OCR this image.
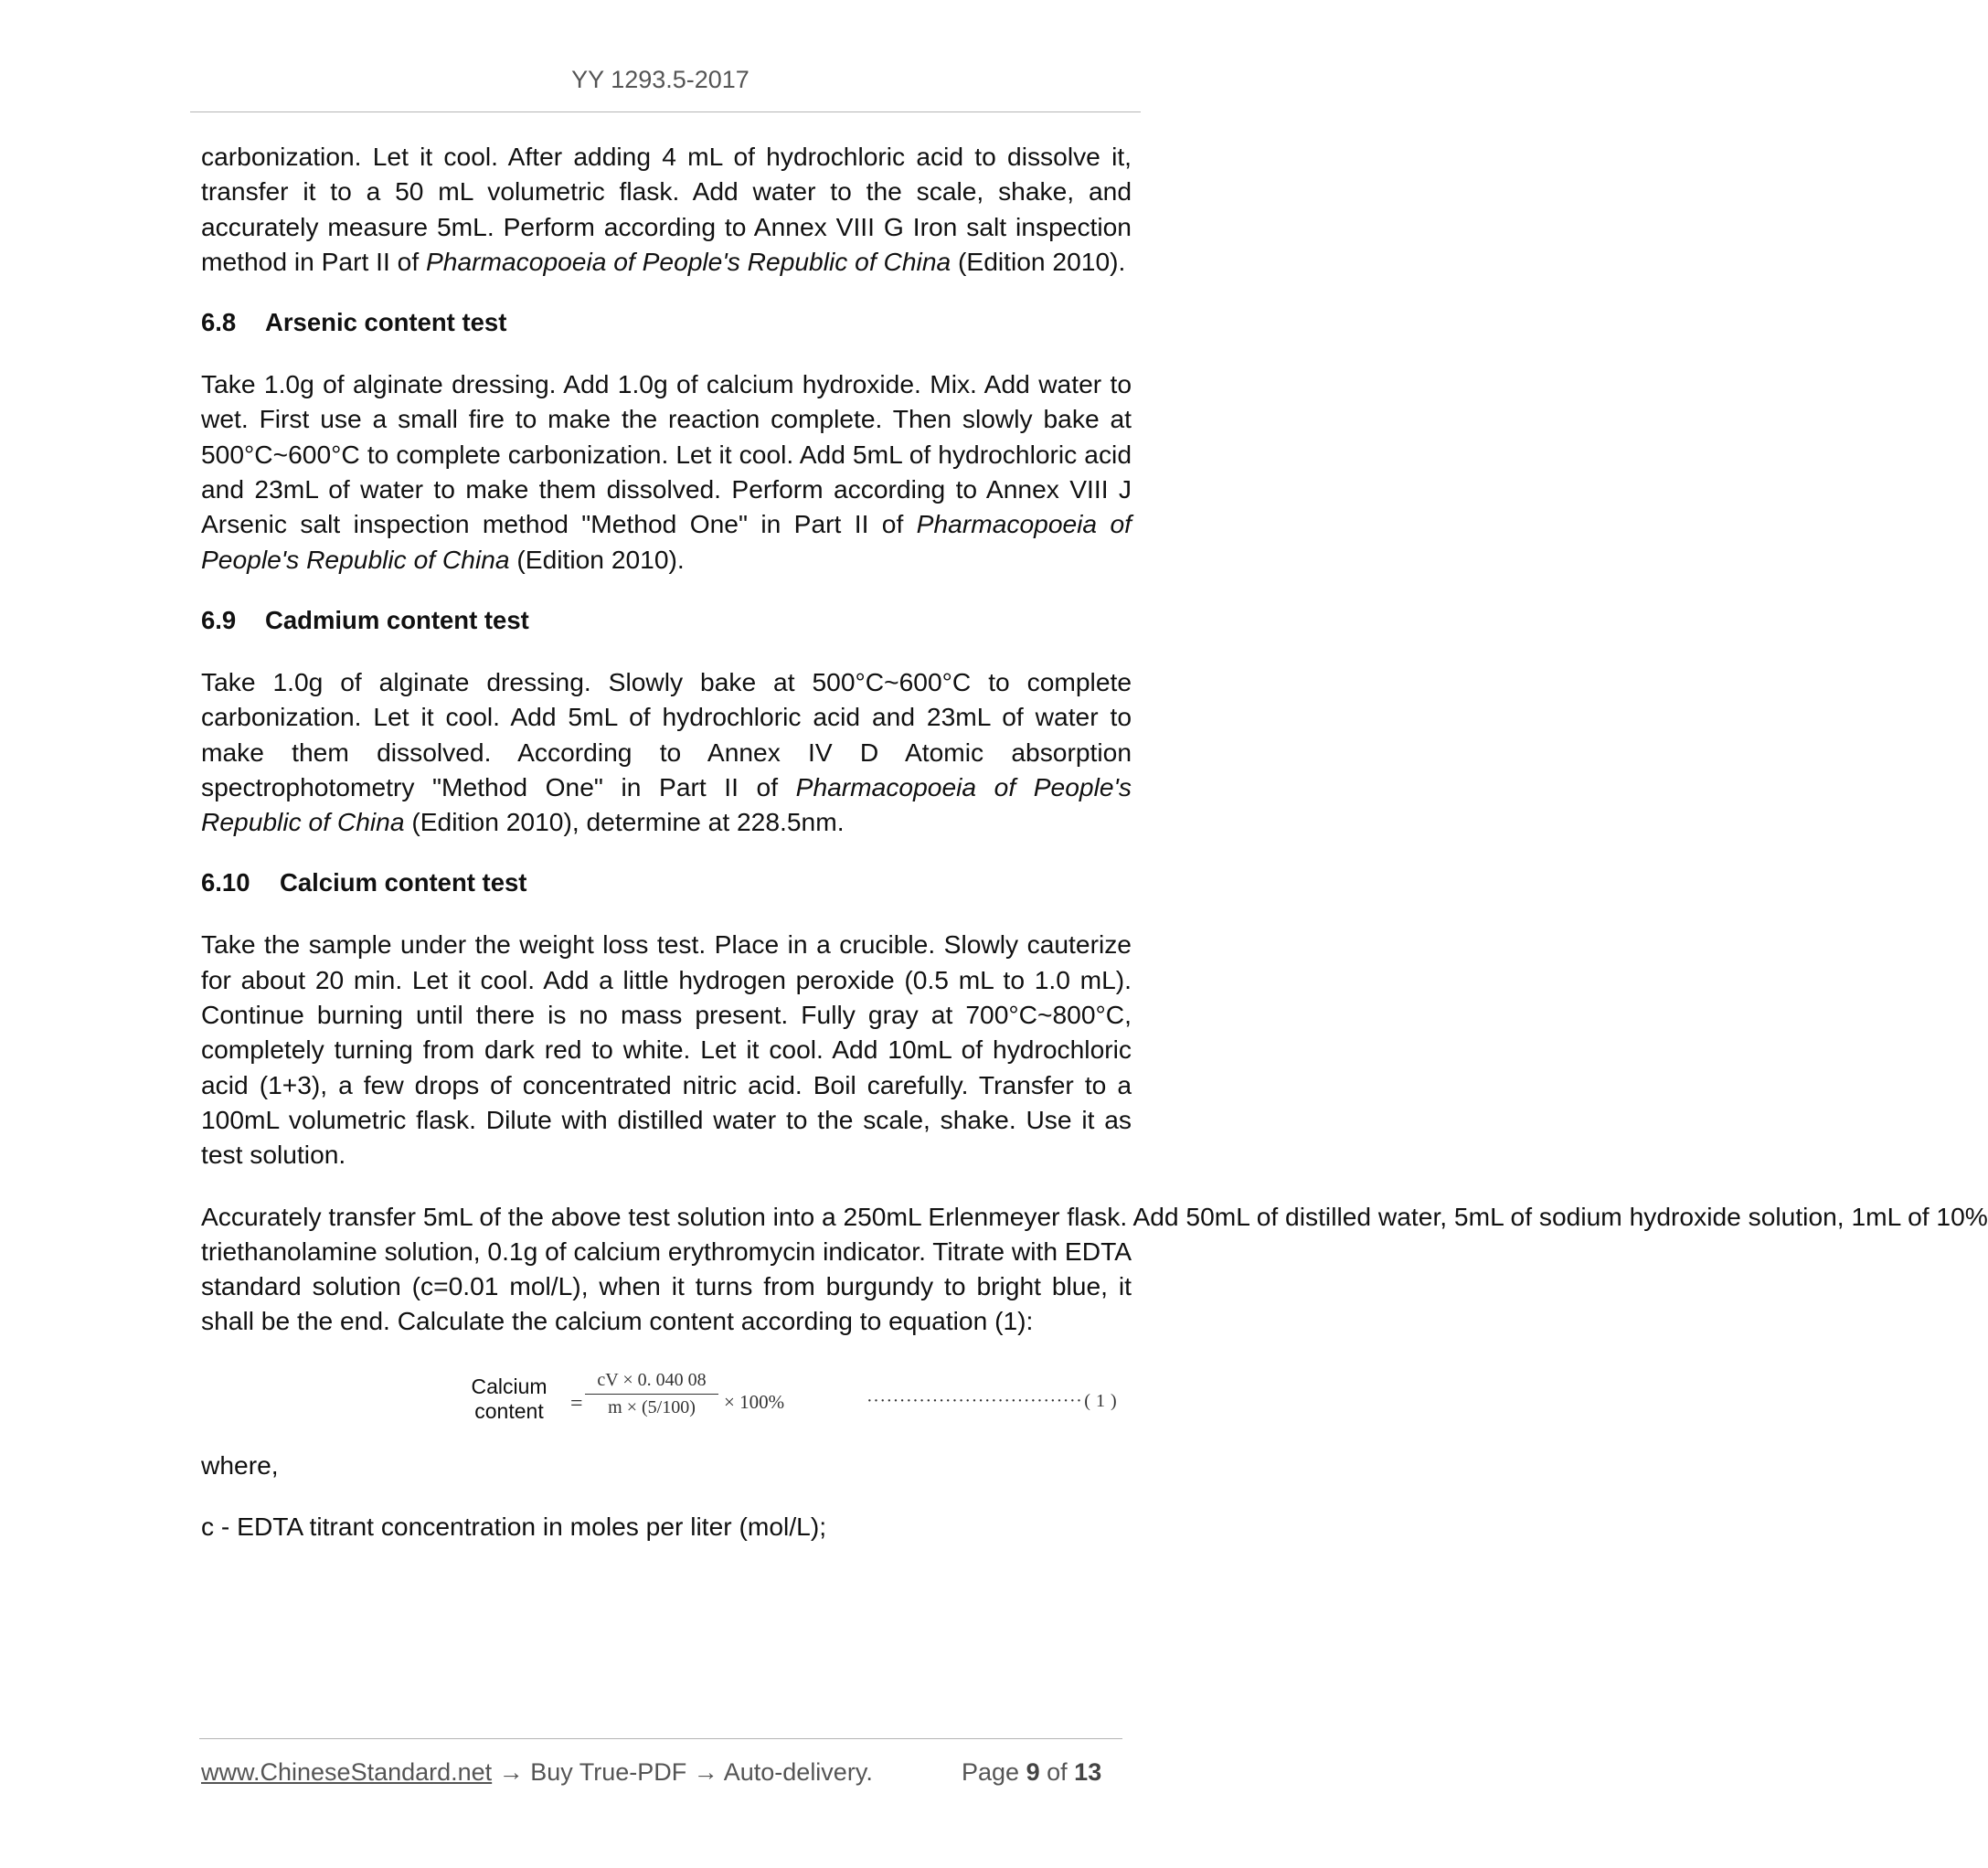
YY 1293.5-2017

carbonization. Let it cool. After adding 4 mL of hydrochloric acid to dissolve it, transfer it to a 50 mL volumetric flask. Add water to the scale, shake, and accurately measure 5mL. Perform according to Annex VIII G Iron salt inspection method in Part II of Pharmacopoeia of People's Republic of China (Edition 2010).

6.8 Arsenic content test

Take 1.0g of alginate dressing. Add 1.0g of calcium hydroxide. Mix. Add water to wet. First use a small fire to make the reaction complete. Then slowly bake at 500°C~600°C to complete carbonization. Let it cool. Add 5mL of hydrochloric acid and 23mL of water to make them dissolved. Perform according to Annex VIII J Arsenic salt inspection method "Method One" in Part II of Pharmacopoeia of People's Republic of China (Edition 2010).

6.9 Cadmium content test

Take 1.0g of alginate dressing. Slowly bake at 500°C~600°C to complete carbonization. Let it cool. Add 5mL of hydrochloric acid and 23mL of water to make them dissolved. According to Annex IV D Atomic absorption spectrophotometry "Method One" in Part II of Pharmacopoeia of People's Republic of China (Edition 2010), determine at 228.5nm.

6.10 Calcium content test

Take the sample under the weight loss test. Place in a crucible. Slowly cauterize for about 20 min. Let it cool. Add a little hydrogen peroxide (0.5 mL to 1.0 mL). Continue burning until there is no mass present. Fully gray at 700°C~800°C, completely turning from dark red to white. Let it cool. Add 10mL of hydrochloric acid (1+3), a few drops of concentrated nitric acid. Boil carefully. Transfer to a 100mL volumetric flask. Dilute with distilled water to the scale, shake. Use it as test solution.

Accurately transfer 5mL of the above test solution into a 250mL Erlenmeyer flask. Add 50mL of distilled water, 5mL of sodium hydroxide solution, 1mL of 10%
triethanolamine solution, 0.1g of calcium erythromycin indicator. Titrate with EDTA standard solution (c=0.01 mol/L), when it turns from burgundy to bright blue, it shall be the end. Calculate the calcium content according to equation (1):

Calcium
content	= $\frac{cV \times 0. 040 08}{m \times (5/100)} \times 100\%$	································· ( 1 )

where,

c - EDTA titrant concentration in moles per liter (mol/L);

www.ChineseStandard.net → Buy True-PDF → Auto-delivery.	Page 9 of 13
